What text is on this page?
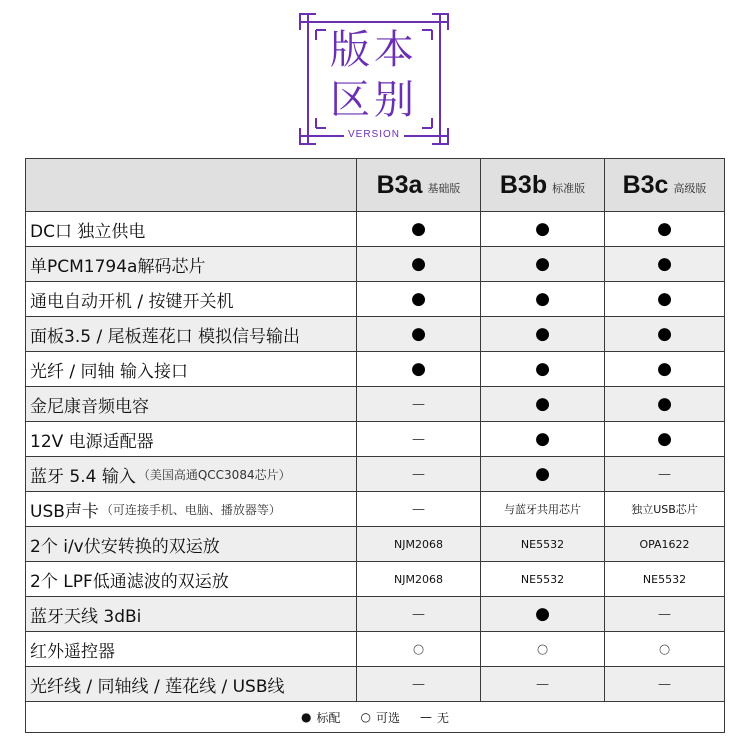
版本
区别
VERSION
B3a 基础版 B3b 标准版 B3c 高级版
DC口 独立供电	●	●	●
单PCM1794a解码芯片	●	●	●
通电自动开机 / 按键开关机	●	●	●
面板3.5 / 尾板莲花口 模拟信号输出	●	●	●
光纤 / 同轴 输入接口	●	●	●
金尼康音频电容	—	●	●
12V 电源适配器	—	●	●
蓝牙 5.4 输入 （美国高通QCC3084芯片）	—	●	—
USB声卡 （可连接手机、电脑、播放器等）	—	与蓝牙共用芯片	独立USB芯片
2个 i/v伏安转换的双运放	NJM2068	NE5532	OPA1622
2个 LPF低通滤波的双运放	NJM2068	NE5532	NE5532
蓝牙天线 3dBi	—	●	—
红外遥控器	○	○	○
光纤线 / 同轴线 / 莲花线 / USB线	—	—	—
● 标配 ○ 可选 — 无
